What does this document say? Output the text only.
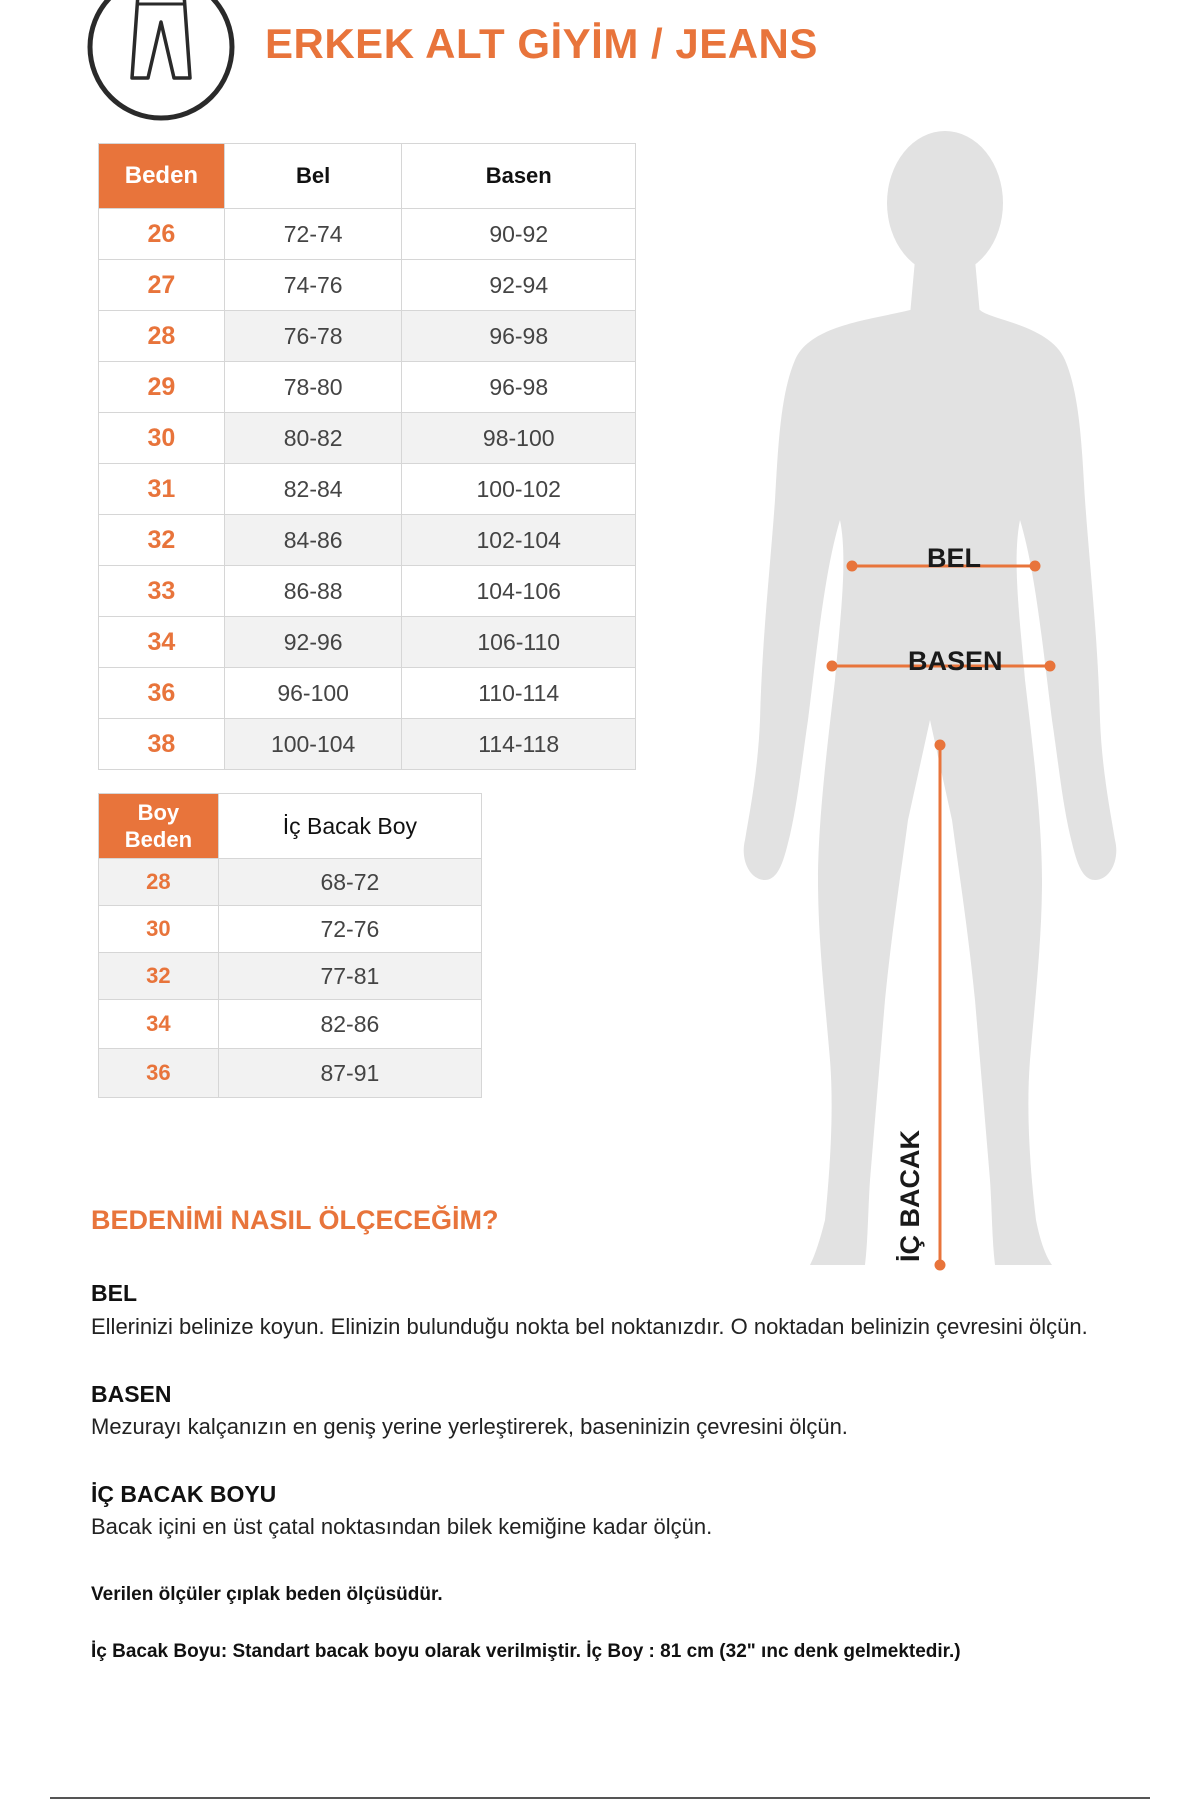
ERKEK ALT GİYİM / JEANS
Beden	Bel	Basen
26	72-74	90-92
27	74-76	92-94
28	76-78	96-98
29	78-80	96-98
30	80-82	98-100
31	82-84	100-102
32	84-86	102-104
33	86-88	104-106
34	92-96	106-110
36	96-100	110-114
38	100-104	114-118
Boy
Beden	İç Bacak Boy
28	68-72
30	72-76
32	77-81
34	82-86
36	87-91
BEL
BASEN
İÇ BACAK
BEDENİMİ NASIL ÖLÇECEĞİM?
BEL

Ellerinizi belinize koyun. Elinizin bulunduğu nokta bel noktanızdır. O noktadan belinizin çevresini ölçün.

BASEN

Mezurayı kalçanızın en geniş yerine yerleştirerek, baseninizin çevresini ölçün.

İÇ BACAK BOYU

Bacak içini en üst çatal noktasından bilek kemiğine kadar ölçün.

Verilen ölçüler çıplak beden ölçüsüdür.

İç Bacak Boyu: Standart bacak boyu olarak verilmiştir. İç Boy : 81 cm (32" ınc denk gelmektedir.)
